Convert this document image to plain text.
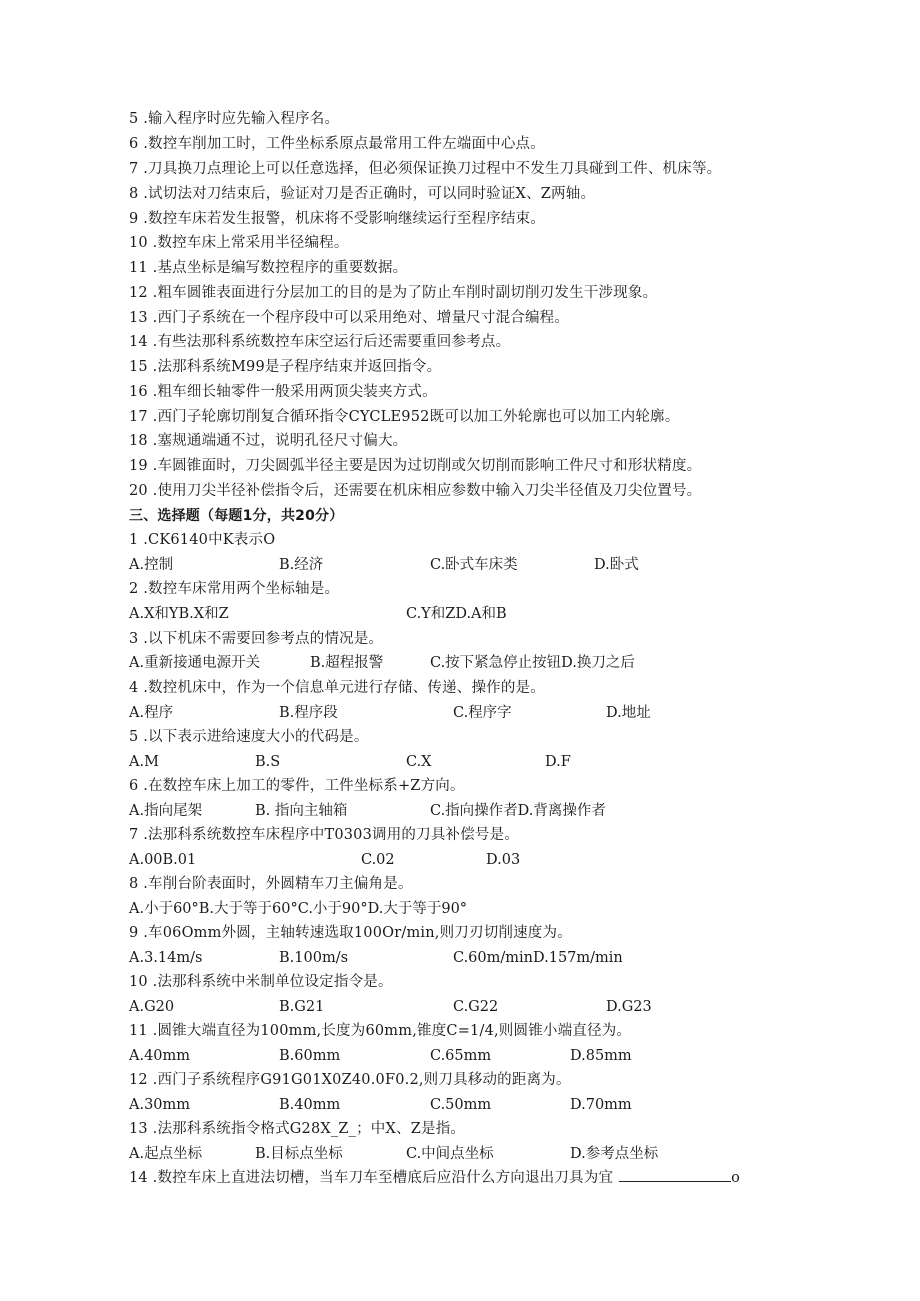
5 .输入程序时应先输入程序名。
6 .数控车削加工时，工件坐标系原点最常用工件左端面中心点。
7 .刀具换刀点理论上可以任意选择，但必须保证换刀过程中不发生刀具碰到工件、机床等。
8 .试切法对刀结束后，验证对刀是否正确时，可以同时验证X、Z两轴。
9 .数控车床若发生报警，机床将不受影响继续运行至程序结束。
10 .数控车床上常采用半径编程。
11 .基点坐标是编写数控程序的重要数据。
12 .粗车圆锥表面进行分层加工的目的是为了防止车削时副切削刃发生干涉现象。
13 .西门子系统在一个程序段中可以采用绝对、增量尺寸混合编程。
14 .有些法那科系统数控车床空运行后还需要重回参考点。
15 .法那科系统M99是子程序结束并返回指令。
16 .粗车细长轴零件一般采用两顶尖装夹方式。
17 .西门子轮廓切削复合循环指令CYCLE952既可以加工外轮廓也可以加工内轮廓。
18 .塞规通端通不过，说明孔径尺寸偏大。
19 .车圆锥面时，刀尖圆弧半径主要是因为过切削或欠切削而影响工件尺寸和形状精度。
20 .使用刀尖半径补偿指令后，还需要在机床相应参数中输入刀尖半径值及刀尖位置号。
三、选择题（每题1分，共20分）
1 .CK6140中K表示O
A.控制	B.经济	C.卧式车床类	D.卧式
2 .数控车床常用两个坐标轴是。
A.X和YB.X和Z	C.Y和ZD.A和B
3 .以下机床不需要回参考点的情况是。
A.重新接通电源开关	B.超程报警	C.按下紧急停止按钮D.换刀之后
4 .数控机床中，作为一个信息单元进行存储、传递、操作的是。
A.程序	B.程序段	C.程序字	D.地址
5 .以下表示进给速度大小的代码是。
A.M	B.S	C.X	D.F
6 .在数控车床上加工的零件，工件坐标系+Z方向。
A.指向尾架	B. 指向主轴箱	C.指向操作者D.背离操作者
7 .法那科系统数控车床程序中T0303调用的刀具补偿号是。
A.00B.01	C.02	D.03
8 .车削台阶表面时，外圆精车刀主偏角是。
A.小于60°B.大于等于60°C.小于90°D.大于等于90°
9 .车06Omm外圆，主轴转速选取100Or/min,则刀刃切削速度为。
A.3.14m/s	B.100m/s	C.60m/minD.157m/min
10 .法那科系统中米制单位设定指令是。
A.G20	B.G21	C.G22	D.G23
11 .圆锥大端直径为100mm,长度为60mm,锥度C=1/4,则圆锥小端直径为。
A.40mm	B.60mm	C.65mm	D.85mm
12 .西门子系统程序G91G01X0Z40.0F0.2,则刀具移动的距离为。
A.30mm	B.40mm	C.50mm	D.70mm
13 .法那科系统指令格式G28X_Z_；中X、Z是指。
A.起点坐标	B.目标点坐标	C.中间点坐标	D.参考点坐标
14 .数控车床上直进法切槽，当车刀车至槽底后应沿什么方向退出刀具为宜	o
